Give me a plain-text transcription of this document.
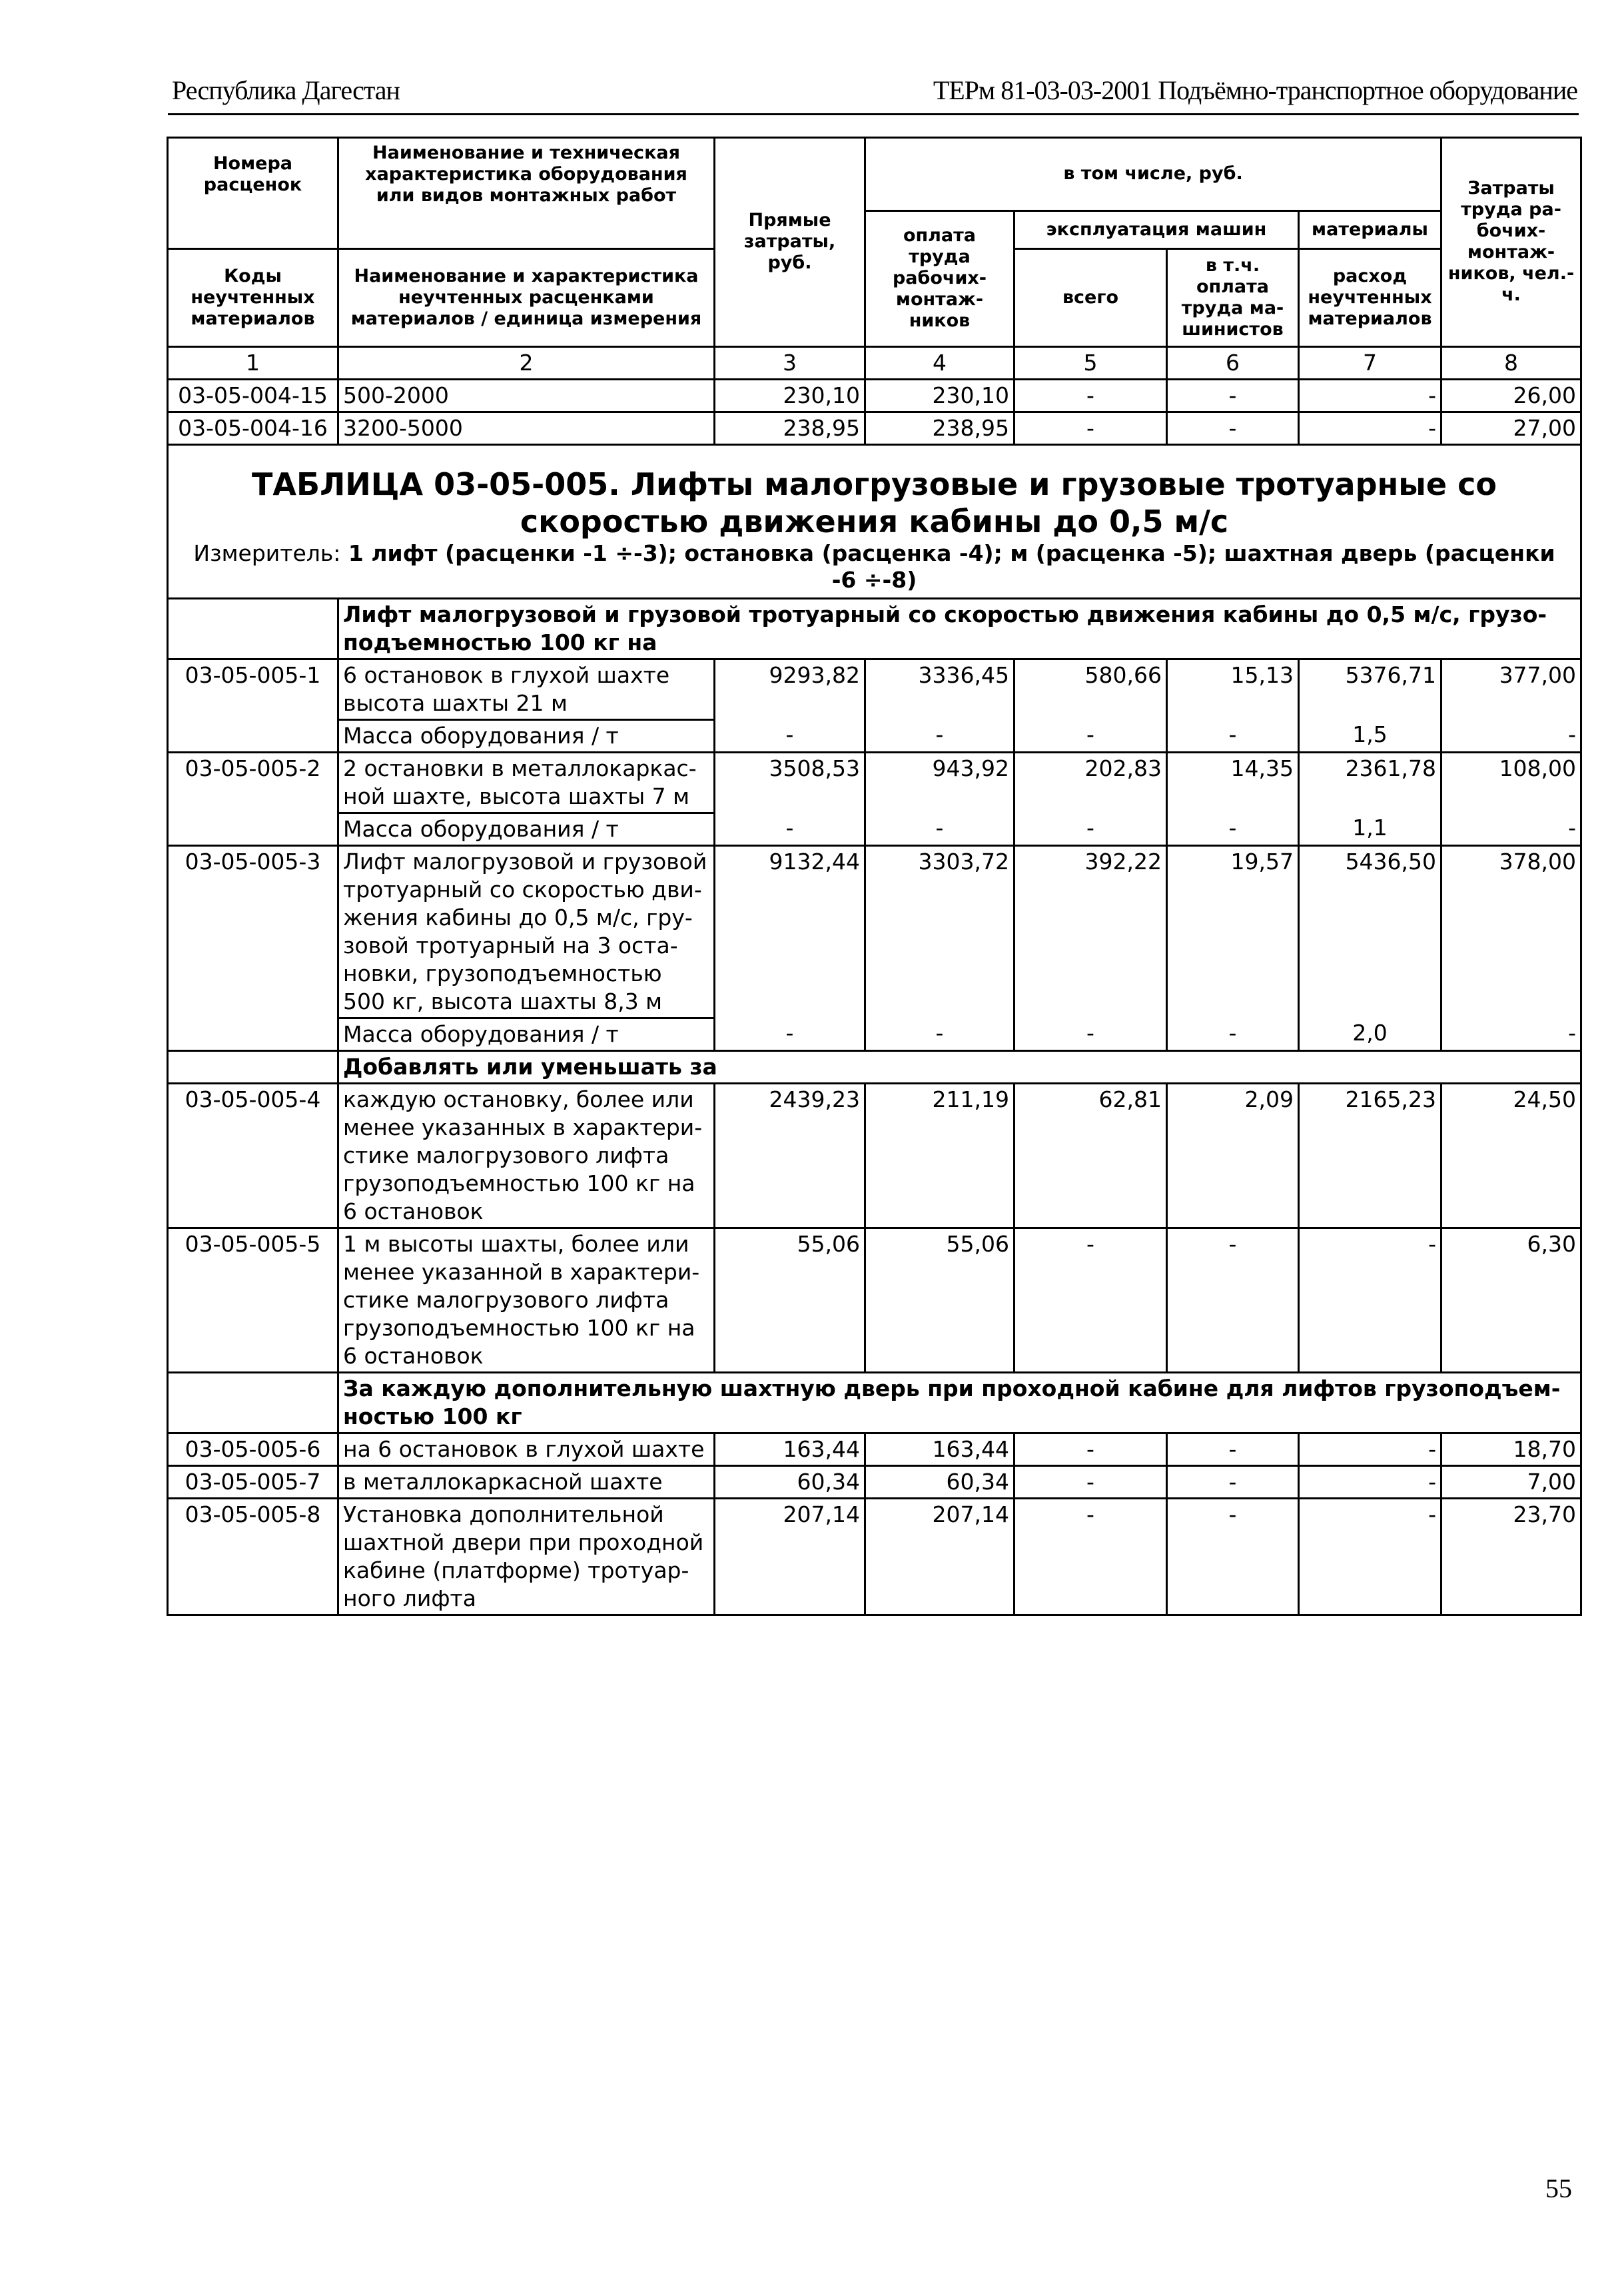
Республика Дагестан	ТЕРм 81-03-03-2001 Подъёмно-транспортное оборудование
Номера расценок	Наименование и техническая характеристика оборудования или видов монтажных работ	Прямые затраты, руб.	в том числе, руб.				Затраты труда ра-бочих-монтаж-ников, чел.-ч.
			оплата труда рабочих-монтаж-ников	эксплуатация машин		материалы	
Коды неучтенных материалов	Наименование и характеристика неучтенных расценками материалов / единица измерения			всего	в т.ч. оплата труда ма-шинистов	расход неучтенных материалов	
1	2	3	4	5	6	7	8
03-05-004-15	500-2000	230,10	230,10	-	-	-	26,00
03-05-004-16	3200-5000	238,95	238,95	-	-	-	27,00

ТАБЛИЦА 03-05-005. Лифты малогрузовые и грузовые тротуарные со скоростью движения кабины до 0,5 м/с
Измеритель: 1 лифт (расценки -1 ÷-3); остановка (расценка -4); м (расценка -5); шахтная дверь (расценки -6 ÷-8)							

	Лифт малогрузовой и грузовой тротуарный со скоростью движения кабины до 0,5 м/с, грузо-подъемностью 100 кг на						
03-05-005-1	6 остановок в глухой шахте высота шахты 21 м	9293,82	3336,45	580,66	15,13	5376,71	377,00
	Масса оборудования / т	-	-	-	-	1,5	-
03-05-005-2	2 остановки в металлокаркас-ной шахте, высота шахты 7 м	3508,53	943,92	202,83	14,35	2361,78	108,00
	Масса оборудования / т	-	-	-	-	1,1	-
03-05-005-3	Лифт малогрузовой и грузовой тротуарный со скоростью дви-жения кабины до 0,5 м/с, гру-зовой тротуарный на 3 оста-новки, грузоподъемностью 500 кг, высота шахты 8,3 м	9132,44	3303,72	392,22	19,57	5436,50	378,00
	Масса оборудования / т	-	-	-	-	2,0	-
	Добавлять или уменьшать за						
03-05-005-4	каждую остановку, более или менее указанных в характери-стике малогрузового лифта грузоподъемностью 100 кг на 6 остановок	2439,23	211,19	62,81	2,09	2165,23	24,50
03-05-005-5	1 м высоты шахты, более или менее указанной в характери-стике малогрузового лифта грузоподъемностью 100 кг на 6 остановок	55,06	55,06	-	-	-	6,30
	За каждую дополнительную шахтную дверь при проходной кабине для лифтов грузоподъем-ностью 100 кг						
03-05-005-6	на 6 остановок в глухой шахте	163,44	163,44	-	-	-	18,70
03-05-005-7	в металлокаркасной шахте	60,34	60,34	-	-	-	7,00
03-05-005-8	Установка дополнительной шахтной двери при проходной кабине (платформе) тротуар-ного лифта	207,14	207,14	-	-	-	23,70
55
